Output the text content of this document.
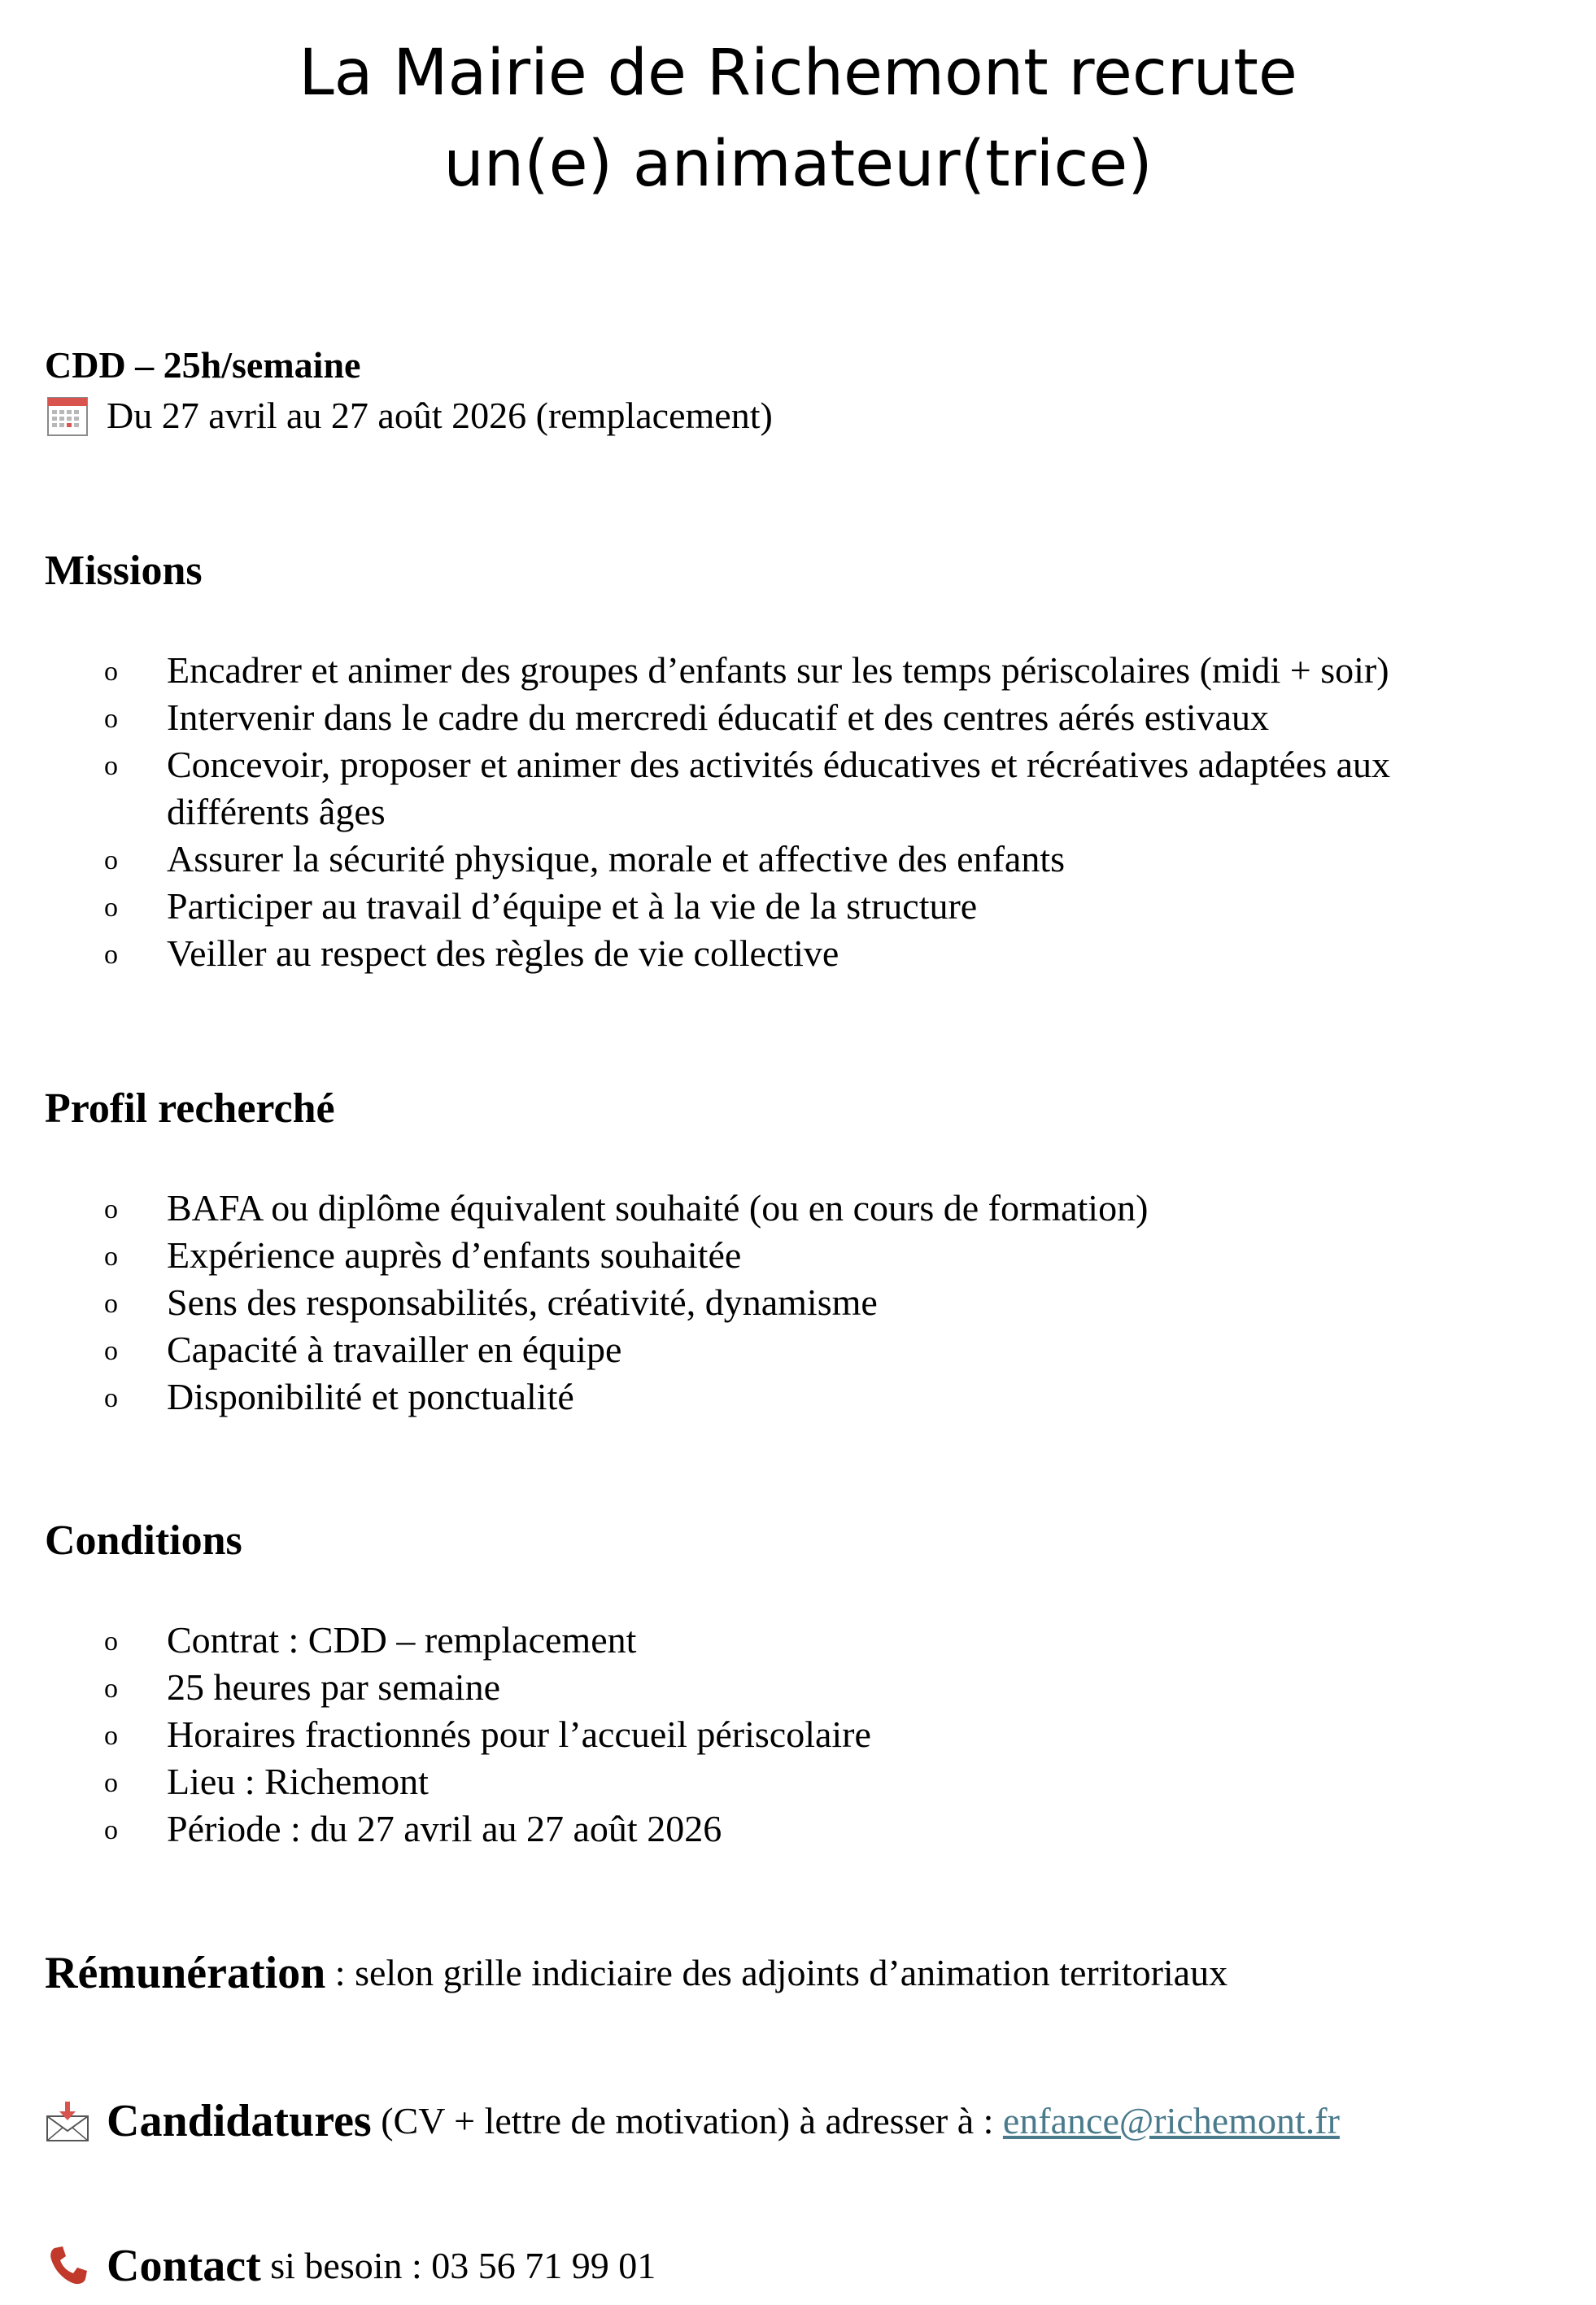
La Mairie de Richemont recrute
un(e) animateur(trice)
CDD – 25h/semaine
Du 27 avril au 27 août 2026 (remplacement)
Missions
o Encadrer et animer des groupes d’enfants sur les temps périscolaires (midi + soir)
o Intervenir dans le cadre du mercredi éducatif et des centres aérés estivaux
o Concevoir, proposer et animer des activités éducatives et récréatives adaptées aux différents âges
o Assurer la sécurité physique, morale et affective des enfants
o Participer au travail d’équipe et à la vie de la structure
o Veiller au respect des règles de vie collective
Profil recherché
o BAFA ou diplôme équivalent souhaité (ou en cours de formation)
o Expérience auprès d’enfants souhaitée
o Sens des responsabilités, créativité, dynamisme
o Capacité à travailler en équipe
o Disponibilité et ponctualité
Conditions
o Contrat : CDD – remplacement
o 25 heures par semaine
o Horaires fractionnés pour l’accueil périscolaire
o Lieu : Richemont
o Période : du 27 avril au 27 août 2026
Rémunération : selon grille indiciaire des adjoints d’animation territoriaux
Candidatures (CV + lettre de motivation) à adresser à : enfance@richemont.fr
Contact si besoin : 03 56 71 99 01
